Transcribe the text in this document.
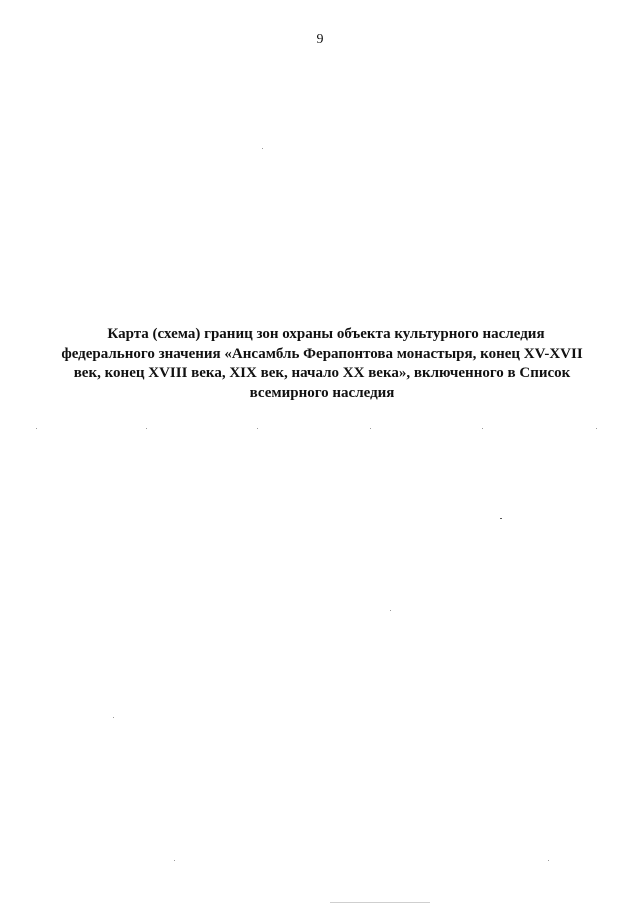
9
Карта (схема) границ зон охраны объекта культурного наследия
федерального значения «Ансамбль Ферапонтова монастыря, конец XV-XVII
век, конец XVIII века, XIX век, начало XX века», включенного в Список
всемирного наследия
